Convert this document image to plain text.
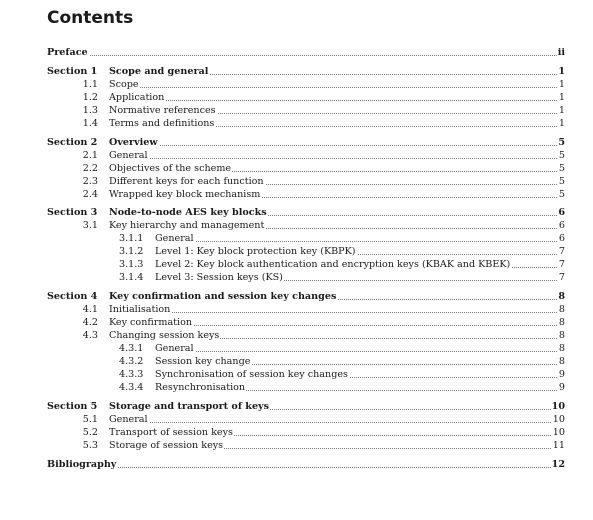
Contents
Preface	ii
Section 1 Scope and general	1
1.1 Scope	1
1.2 Application	1
1.3 Normative references	1
1.4 Terms and definitions	1
Section 2 Overview	5
2.1 General	5
2.2 Objectives of the scheme	5
2.3 Different keys for each function	5
2.4 Wrapped key block mechanism	5
Section 3 Node-to-node AES key blocks	6
3.1 Key hierarchy and management	6
3.1.1 General	6
3.1.2 Level 1: Key block protection key (KBPK)	7
3.1.3 Level 2: Key block authentication and encryption keys (KBAK and KBEK)	7
3.1.4 Level 3: Session keys (KS)	7
Section 4 Key confirmation and session key changes	8
4.1 Initialisation	8
4.2 Key confirmation	8
4.3 Changing session keys	8
4.3.1 General	8
4.3.2 Session key change	8
4.3.3 Synchronisation of session key changes	9
4.3.4 Resynchronisation	9
Section 5 Storage and transport of keys	10
5.1 General	10
5.2 Transport of session keys	10
5.3 Storage of session keys	11
Bibliography	12
